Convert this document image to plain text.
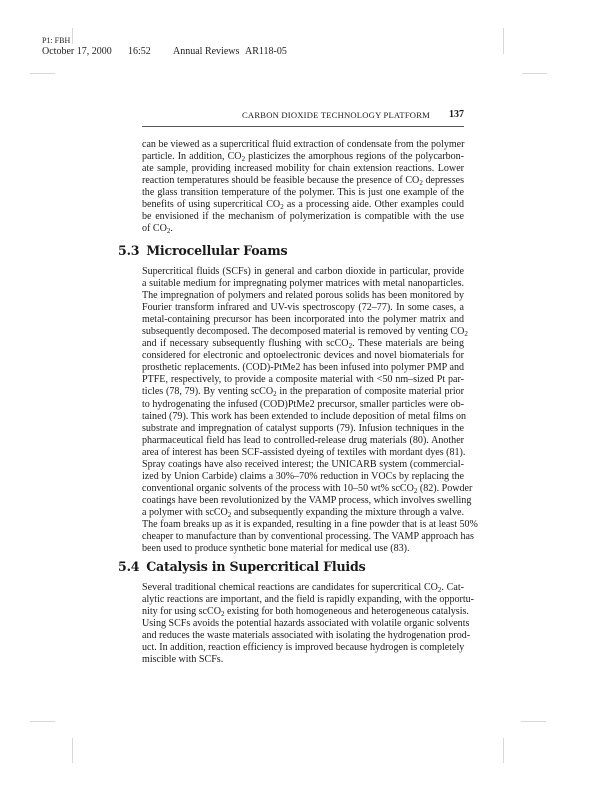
P1: FBH
October 17, 2000 16:52 Annual Reviews AR118-05
CARBON DIOXIDE TECHNOLOGY PLATFORM 137
can be viewed as a supercritical fluid extraction of condensate from the polymer
particle. In addition, $CO_2$ plasticizes the amorphous regions of the polycarbon-
ate sample, providing increased mobility for chain extension reactions. Lower
reaction temperatures should be feasible because the presence of $CO_2$ depresses
the glass transition temperature of the polymer. This is just one example of the
benefits of using supercritical $CO_2$ as a processing aide. Other examples could
be envisioned if the mechanism of polymerization is compatible with the use
of $CO_2$.
5.3 Microcellular Foams
Supercritical fluids (SCFs) in general and carbon dioxide in particular, provide
a suitable medium for impregnating polymer matrices with metal nanoparticles.
The impregnation of polymers and related porous solids has been monitored by
Fourier transform infrared and UV-vis spectroscopy (72–77). In some cases, a
metal-containing precursor has been incorporated into the polymer matrix and
subsequently decomposed. The decomposed material is removed by venting $CO_2$
and if necessary subsequently flushing with scCO$_2$. These materials are being
considered for electronic and optoelectronic devices and novel biomaterials for
prosthetic replacements. (COD)-PtMe2 has been infused into polymer PMP and
PTFE, respectively, to provide a composite material with <50 nm–sized Pt par-
ticles (78, 79). By venting scCO$_2$ in the preparation of composite material prior
to hydrogenating the infused (COD)PtMe2 precursor, smaller particles were ob-
tained (79). This work has been extended to include deposition of metal films on
substrate and impregnation of catalyst supports (79). Infusion techniques in the
pharmaceutical field has lead to controlled-release drug materials (80). Another
area of interest has been SCF-assisted dyeing of textiles with mordant dyes (81).
Spray coatings have also received interest; the UNICARB system (commercial-
ized by Union Carbide) claims a 30%–70% reduction in VOCs by replacing the
conventional organic solvents of the process with 10–50 wt% scCO$_2$ (82). Powder
coatings have been revolutionized by the VAMP process, which involves swelling
a polymer with scCO$_2$ and subsequently expanding the mixture through a valve.
The foam breaks up as it is expanded, resulting in a fine powder that is at least 50%
cheaper to manufacture than by conventional processing. The VAMP approach has
been used to produce synthetic bone material for medical use (83).
5.4 Catalysis in Supercritical Fluids
Several traditional chemical reactions are candidates for supercritical $CO_2$. Cat-
alytic reactions are important, and the field is rapidly expanding, with the opportu-
nity for using scCO$_2$ existing for both homogeneous and heterogeneous catalysis.
Using SCFs avoids the potential hazards associated with volatile organic solvents
and reduces the waste materials associated with isolating the hydrogenation prod-
uct. In addition, reaction efficiency is improved because hydrogen is completely
miscible with SCFs.
